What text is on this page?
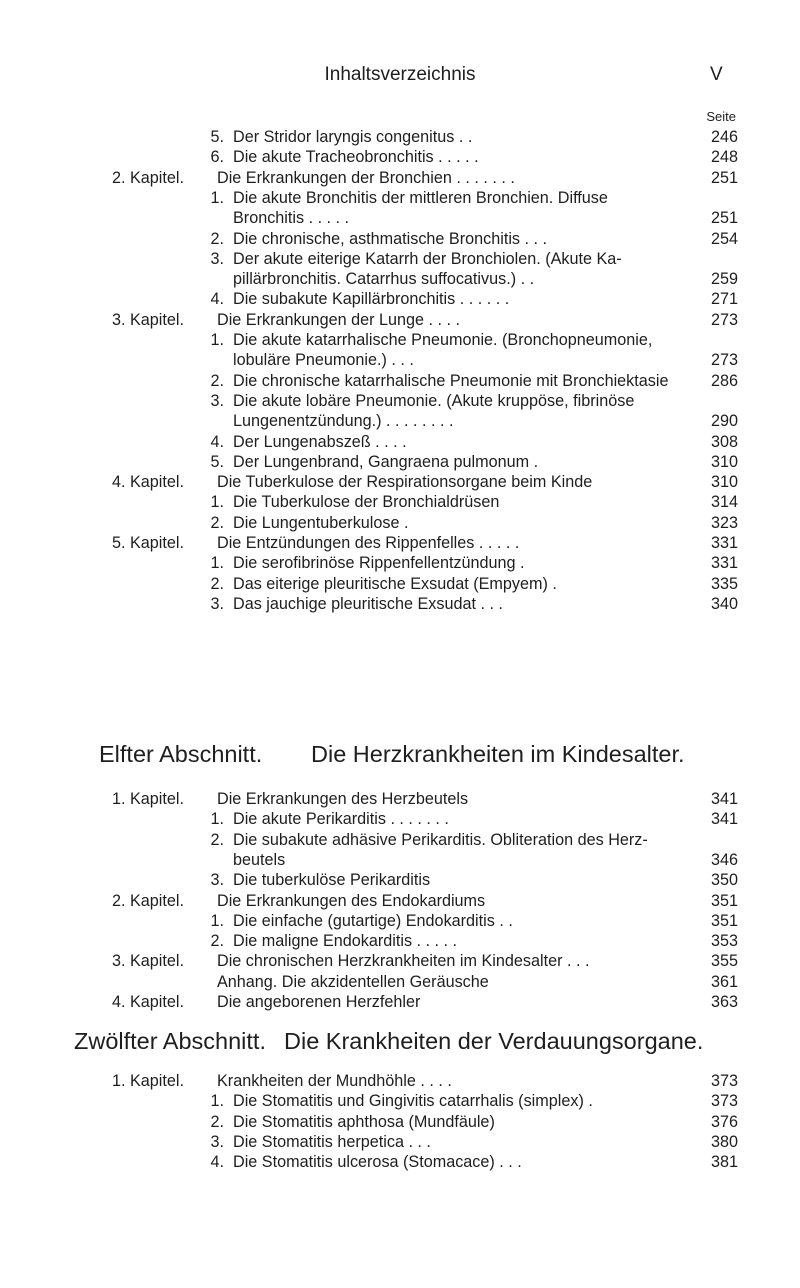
Inhaltsverzeichnis	V
Seite
Elfter Abschnitt. Die Herzkrankheiten im Kindesalter.
Zwölfter Abschnitt. Die Krankheiten der Verdauungsorgane.
5. Der Stridor laryngis congenitus . .	246
6. Die akute Tracheobronchitis . . . . .	248
2. Kapitel. Die Erkrankungen der Bronchien . . . . . . .	251
1. Die akute Bronchitis der mittleren Bronchien. Diffuse
Bronchitis . . . . .	251
2. Die chronische, asthmatische Bronchitis . . .	254
3. Der akute eiterige Katarrh der Bronchiolen. (Akute Ka-
pillärbronchitis. Catarrhus suffocativus.) . .	259
4. Die subakute Kapillärbronchitis . . . . . .	271
3. Kapitel. Die Erkrankungen der Lunge . . . .	273
1. Die akute katarrhalische Pneumonie. (Bronchopneumonie,
lobuläre Pneumonie.) . . .	273
2. Die chronische katarrhalische Pneumonie mit Bronchiektasie	286
3. Die akute lobäre Pneumonie. (Akute kruppöse, fibrinöse
Lungenentzündung.) . . . . . . . .	290
4. Der Lungenabszeß . . . .	308
5. Der Lungenbrand, Gangraena pulmonum .	310
4. Kapitel. Die Tuberkulose der Respirationsorgane beim Kinde	310
1. Die Tuberkulose der Bronchialdrüsen	314
2. Die Lungentuberkulose .	323
5. Kapitel. Die Entzündungen des Rippenfelles . . . . .	331
1. Die serofibrinöse Rippenfellentzündung .	331
2. Das eiterige pleuritische Exsudat (Empyem) .	335
3. Das jauchige pleuritische Exsudat . . .	340
1. Kapitel. Die Erkrankungen des Herzbeutels	341
1. Die akute Perikarditis . . . . . . .	341
2. Die subakute adhäsive Perikarditis. Obliteration des Herz-
beutels	346
3. Die tuberkulöse Perikarditis	350
2. Kapitel. Die Erkrankungen des Endokardiums	351
1. Die einfache (gutartige) Endokarditis . .	351
2. Die maligne Endokarditis . . . . .	353
3. Kapitel. Die chronischen Herzkrankheiten im Kindesalter . . .	355
Anhang. Die akzidentellen Geräusche	361
4. Kapitel. Die angeborenen Herzfehler	363
1. Kapitel. Krankheiten der Mundhöhle . . . .	373
1. Die Stomatitis und Gingivitis catarrhalis (simplex) .	373
2. Die Stomatitis aphthosa (Mundfäule)	376
3. Die Stomatitis herpetica . . .	380
4. Die Stomatitis ulcerosa (Stomacace) . . .	381
